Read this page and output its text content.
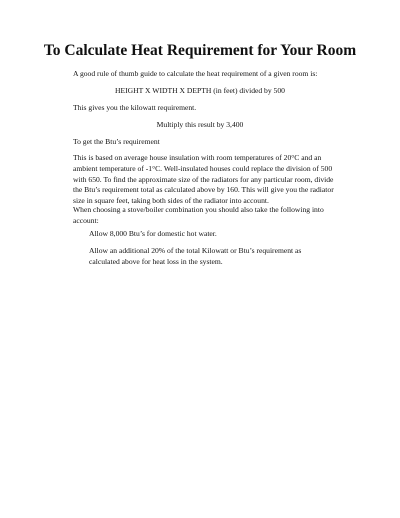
To Calculate Heat Requirement for Your Room
A good rule of thumb guide to calculate the heat requirement of a given room is:
HEIGHT X WIDTH X DEPTH (in feet) divided by 500
This gives you the kilowatt requirement.
Multiply this result by 3,400
To get the Btu’s requirement
This is based on average house insulation with room temperatures of 20°C and an ambient temperature of -1°C. Well-insulated houses could replace the division of 500 with 650. To find the approximate size of the radiators for any particular room, divide the Btu’s requirement total as calculated above by 160. This will give you the radiator size in square feet, taking both sides of the radiator into account.
When choosing a stove/boiler combination you should also take the following into account:
Allow 8,000 Btu’s for domestic hot water.
Allow an additional 20% of the total Kilowatt or Btu’s requirement as calculated above for heat loss in the system.
